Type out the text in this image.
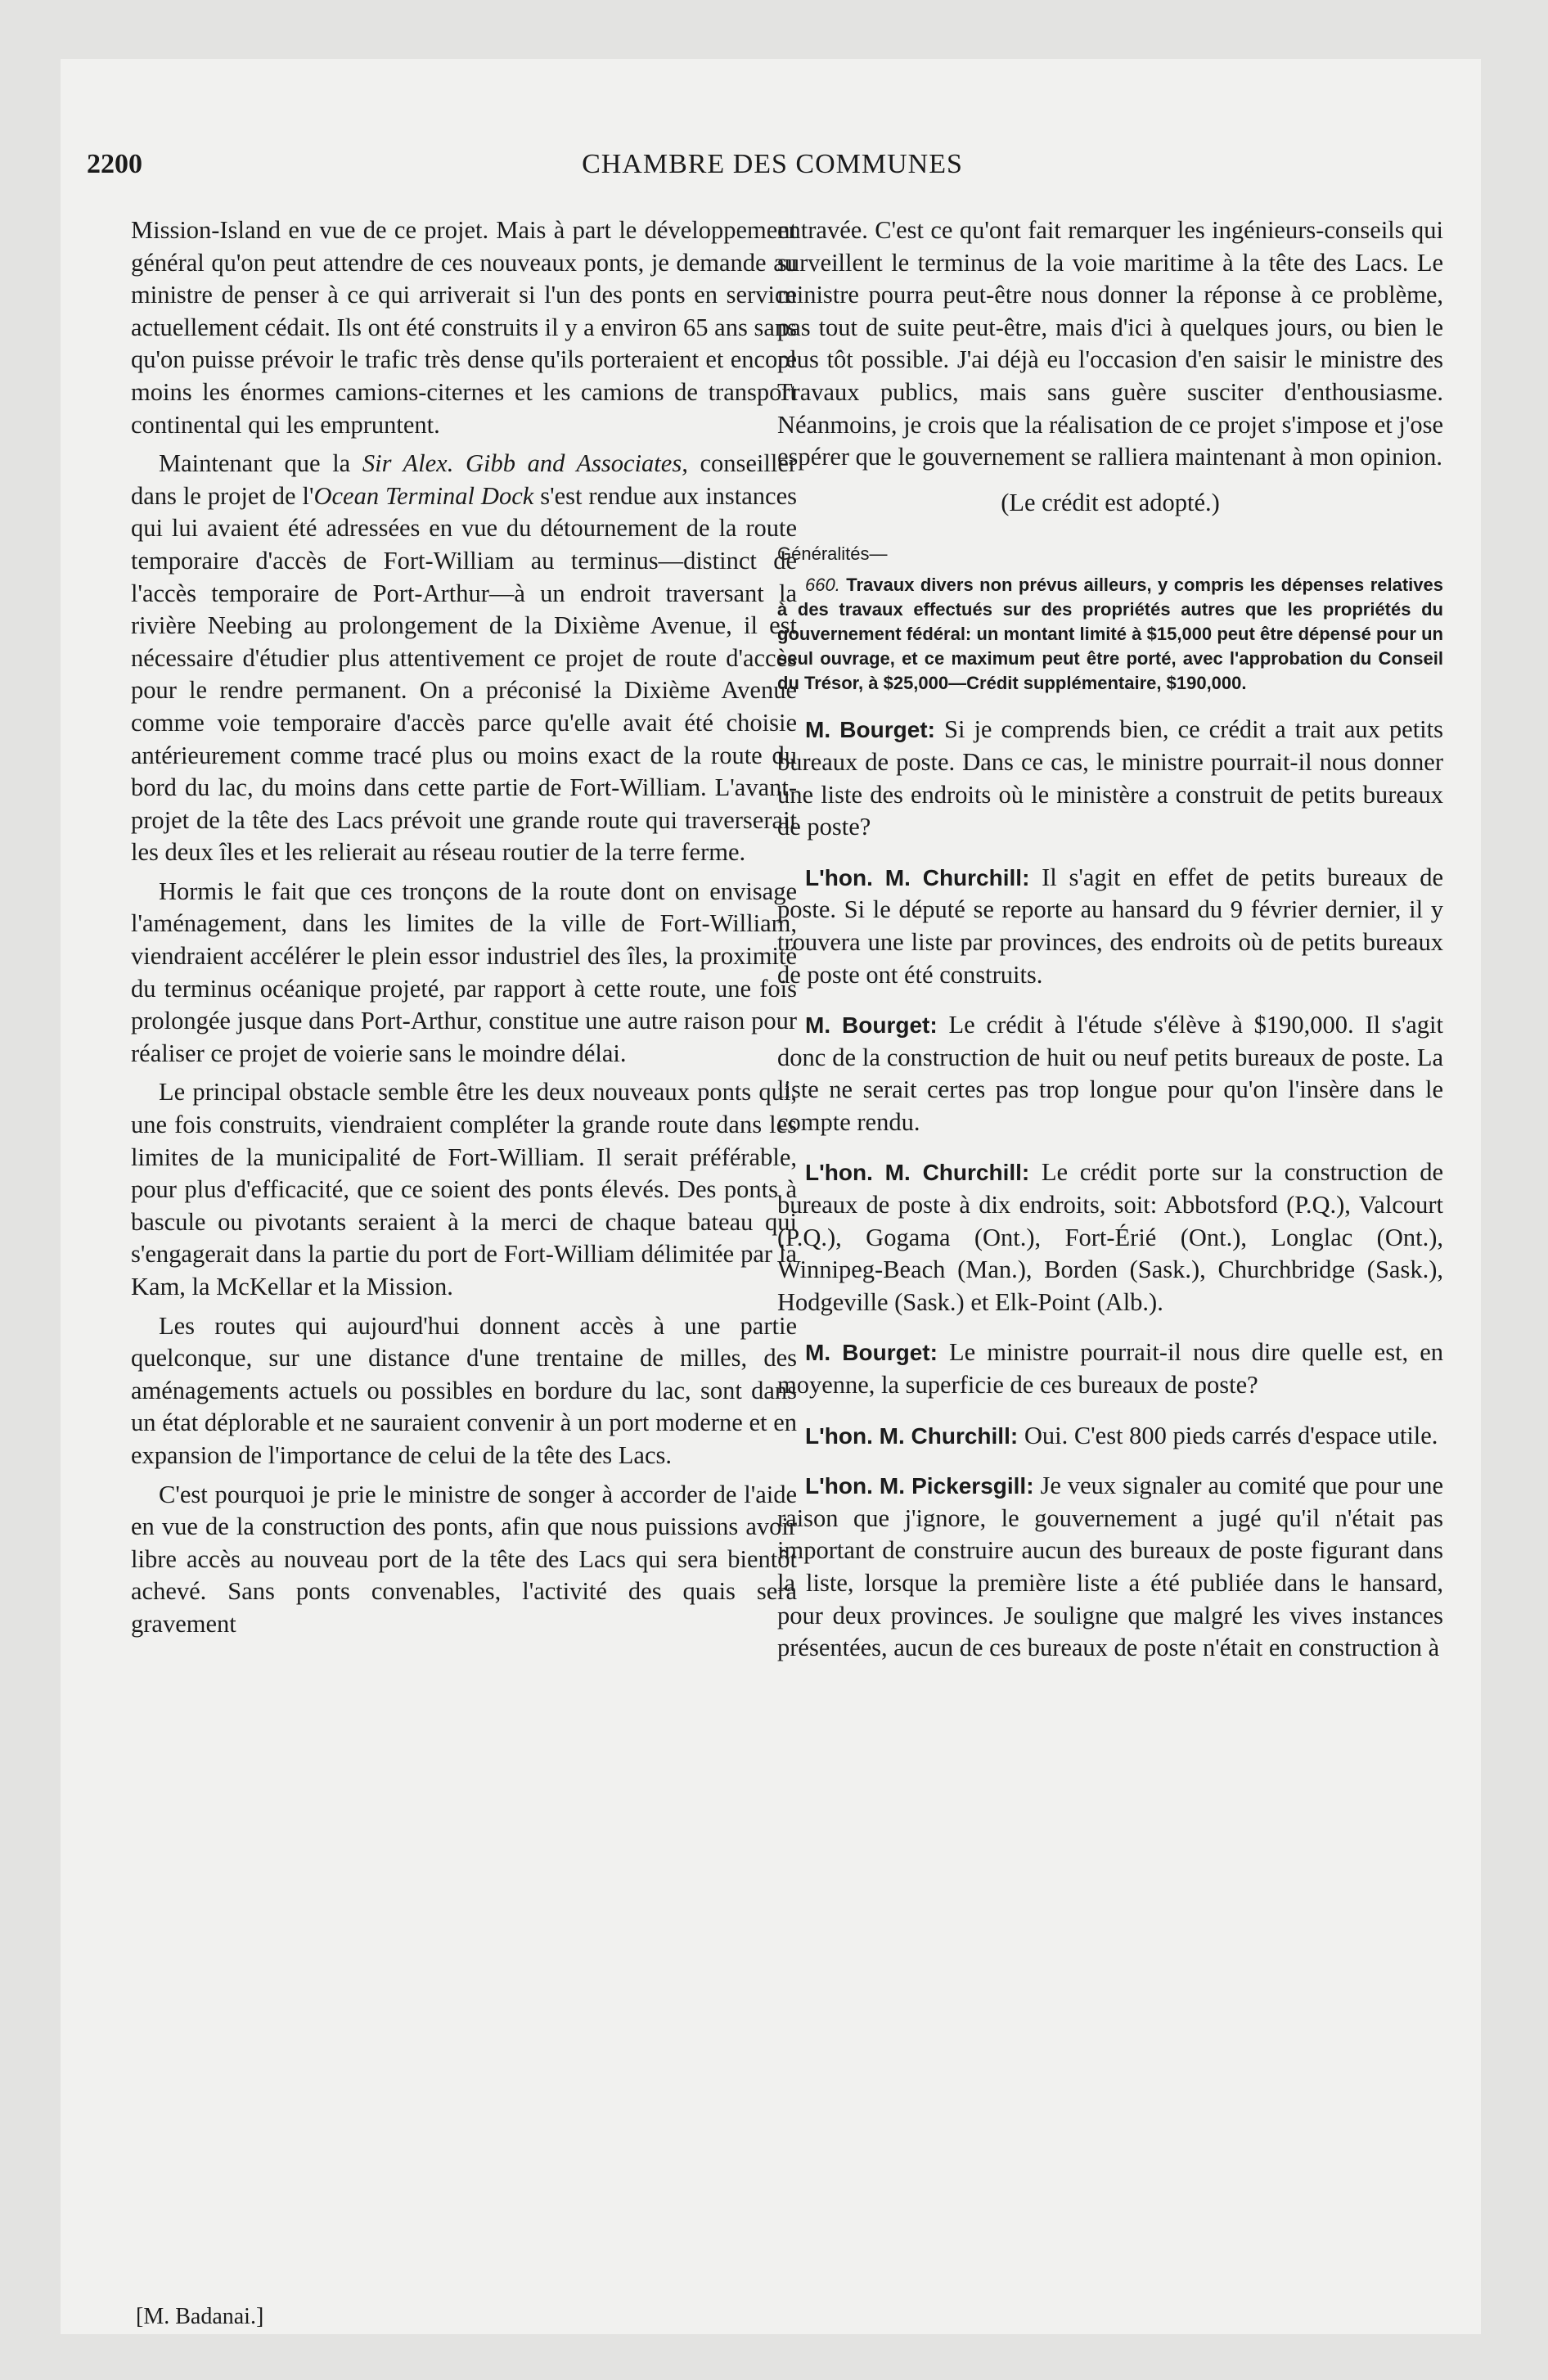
2200	CHAMBRE DES COMMUNES

Mission-Island en vue de ce projet. Mais à part le développement général qu'on peut attendre de ces nouveaux ponts, je demande au ministre de penser à ce qui arriverait si l'un des ponts en service actuellement cédait. Ils ont été construits il y a environ 65 ans sans qu'on puisse prévoir le trafic très dense qu'ils porteraient et encore moins les énormes camions-citernes et les camions de transport continental qui les empruntent.

Maintenant que la Sir Alex. Gibb and Associates, conseiller dans le projet de l'Ocean Terminal Dock s'est rendue aux instances qui lui avaient été adressées en vue du détournement de la route temporaire d'accès de Fort-William au terminus—distinct de l'accès temporaire de Port-Arthur—à un endroit traversant la rivière Neebing au prolongement de la Dixième Avenue, il est nécessaire d'étudier plus attentivement ce projet de route d'accès pour le rendre permanent. On a préconisé la Dixième Avenue comme voie temporaire d'accès parce qu'elle avait été choisie antérieurement comme tracé plus ou moins exact de la route du bord du lac, du moins dans cette partie de Fort-William. L'avant-projet de la tête des Lacs prévoit une grande route qui traverserait les deux îles et les relierait au réseau routier de la terre ferme.

Hormis le fait que ces tronçons de la route dont on envisage l'aménagement, dans les limites de la ville de Fort-William, viendraient accélérer le plein essor industriel des îles, la proximité du terminus océanique projeté, par rapport à cette route, une fois prolongée jusque dans Port-Arthur, constitue une autre raison pour réaliser ce projet de voierie sans le moindre délai.

Le principal obstacle semble être les deux nouveaux ponts qui, une fois construits, viendraient compléter la grande route dans les limites de la municipalité de Fort-William. Il serait préférable, pour plus d'efficacité, que ce soient des ponts élevés. Des ponts à bascule ou pivotants seraient à la merci de chaque bateau qui s'engagerait dans la partie du port de Fort-William délimitée par la Kam, la McKellar et la Mission.

Les routes qui aujourd'hui donnent accès à une partie quelconque, sur une distance d'une trentaine de milles, des aménagements actuels ou possibles en bordure du lac, sont dans un état déplorable et ne sauraient convenir à un port moderne et en expansion de l'importance de celui de la tête des Lacs.

C'est pourquoi je prie le ministre de songer à accorder de l'aide en vue de la construction des ponts, afin que nous puissions avoir libre accès au nouveau port de la tête des Lacs qui sera bientôt achevé. Sans ponts convenables, l'activité des quais sera gravement

entravée. C'est ce qu'ont fait remarquer les ingénieurs-conseils qui surveillent le terminus de la voie maritime à la tête des Lacs. Le ministre pourra peut-être nous donner la réponse à ce problème, pas tout de suite peut-être, mais d'ici à quelques jours, ou bien le plus tôt possible. J'ai déjà eu l'occasion d'en saisir le ministre des Travaux publics, mais sans guère susciter d'enthousiasme. Néanmoins, je crois que la réalisation de ce projet s'impose et j'ose espérer que le gouvernement se ralliera maintenant à mon opinion.

(Le crédit est adopté.)

Généralités—

660. Travaux divers non prévus ailleurs, y compris les dépenses relatives à des travaux effectués sur des propriétés autres que les propriétés du gouvernement fédéral: un montant limité à $15,000 peut être dépensé pour un seul ouvrage, et ce maximum peut être porté, avec l'approbation du Conseil du Trésor, à $25,000—Crédit supplémentaire, $190,000.

M. Bourget: Si je comprends bien, ce crédit a trait aux petits bureaux de poste. Dans ce cas, le ministre pourrait-il nous donner une liste des endroits où le ministère a construit de petits bureaux de poste?

L'hon. M. Churchill: Il s'agit en effet de petits bureaux de poste. Si le député se reporte au hansard du 9 février dernier, il y trouvera une liste par provinces, des endroits où de petits bureaux de poste ont été construits.

M. Bourget: Le crédit à l'étude s'élève à $190,000. Il s'agit donc de la construction de huit ou neuf petits bureaux de poste. La liste ne serait certes pas trop longue pour qu'on l'insère dans le compte rendu.

L'hon. M. Churchill: Le crédit porte sur la construction de bureaux de poste à dix endroits, soit: Abbotsford (P.Q.), Valcourt (P.Q.), Gogama (Ont.), Fort-Érié (Ont.), Longlac (Ont.), Winnipeg-Beach (Man.), Borden (Sask.), Churchbridge (Sask.), Hodgeville (Sask.) et Elk-Point (Alb.).

M. Bourget: Le ministre pourrait-il nous dire quelle est, en moyenne, la superficie de ces bureaux de poste?

L'hon. M. Churchill: Oui. C'est 800 pieds carrés d'espace utile.

L'hon. M. Pickersgill: Je veux signaler au comité que pour une raison que j'ignore, le gouvernement a jugé qu'il n'était pas important de construire aucun des bureaux de poste figurant dans la liste, lorsque la première liste a été publiée dans le hansard, pour deux provinces. Je souligne que malgré les vives instances présentées, aucun de ces bureaux de poste n'était en construction à

[M. Badanai.]
